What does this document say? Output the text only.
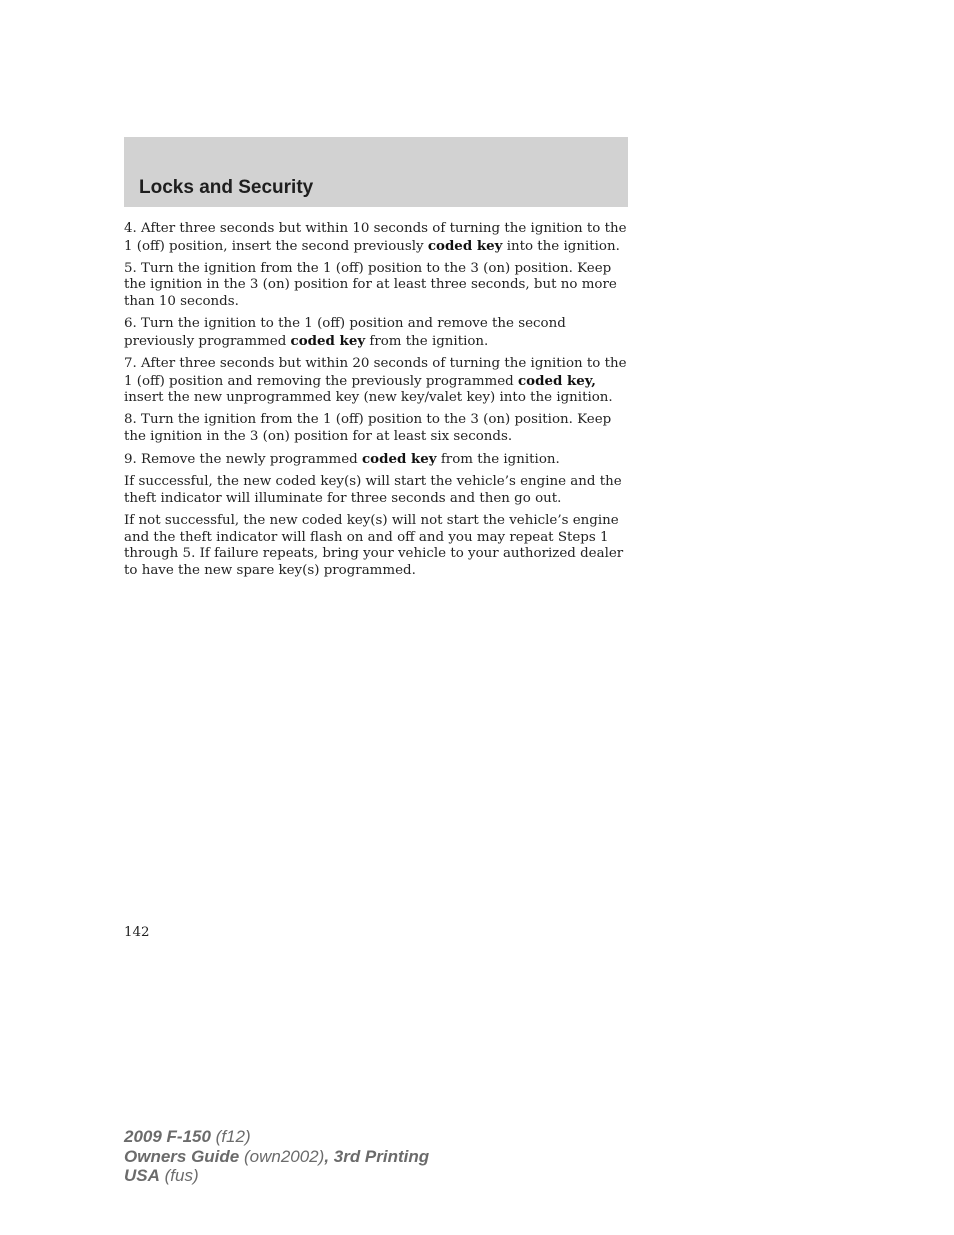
Locks and Security

4. After three seconds but within 10 seconds of turning the ignition to the 1 (off) position, insert the second previously coded key into the ignition.

5. Turn the ignition from the 1 (off) position to the 3 (on) position. Keep the ignition in the 3 (on) position for at least three seconds, but no more than 10 seconds.

6. Turn the ignition to the 1 (off) position and remove the second previously programmed coded key from the ignition.

7. After three seconds but within 20 seconds of turning the ignition to the 1 (off) position and removing the previously programmed coded key, insert the new unprogrammed key (new key/valet key) into the ignition.

8. Turn the ignition from the 1 (off) position to the 3 (on) position. Keep the ignition in the 3 (on) position for at least six seconds.

9. Remove the newly programmed coded key from the ignition.

If successful, the new coded key(s) will start the vehicle’s engine and the theft indicator will illuminate for three seconds and then go out.

If not successful, the new coded key(s) will not start the vehicle’s engine and the theft indicator will flash on and off and you may repeat Steps 1 through 5. If failure repeats, bring your vehicle to your authorized dealer to have the new spare key(s) programmed.

142
2009 F-150 (f12)
Owners Guide (own2002), 3rd Printing
USA (fus)
